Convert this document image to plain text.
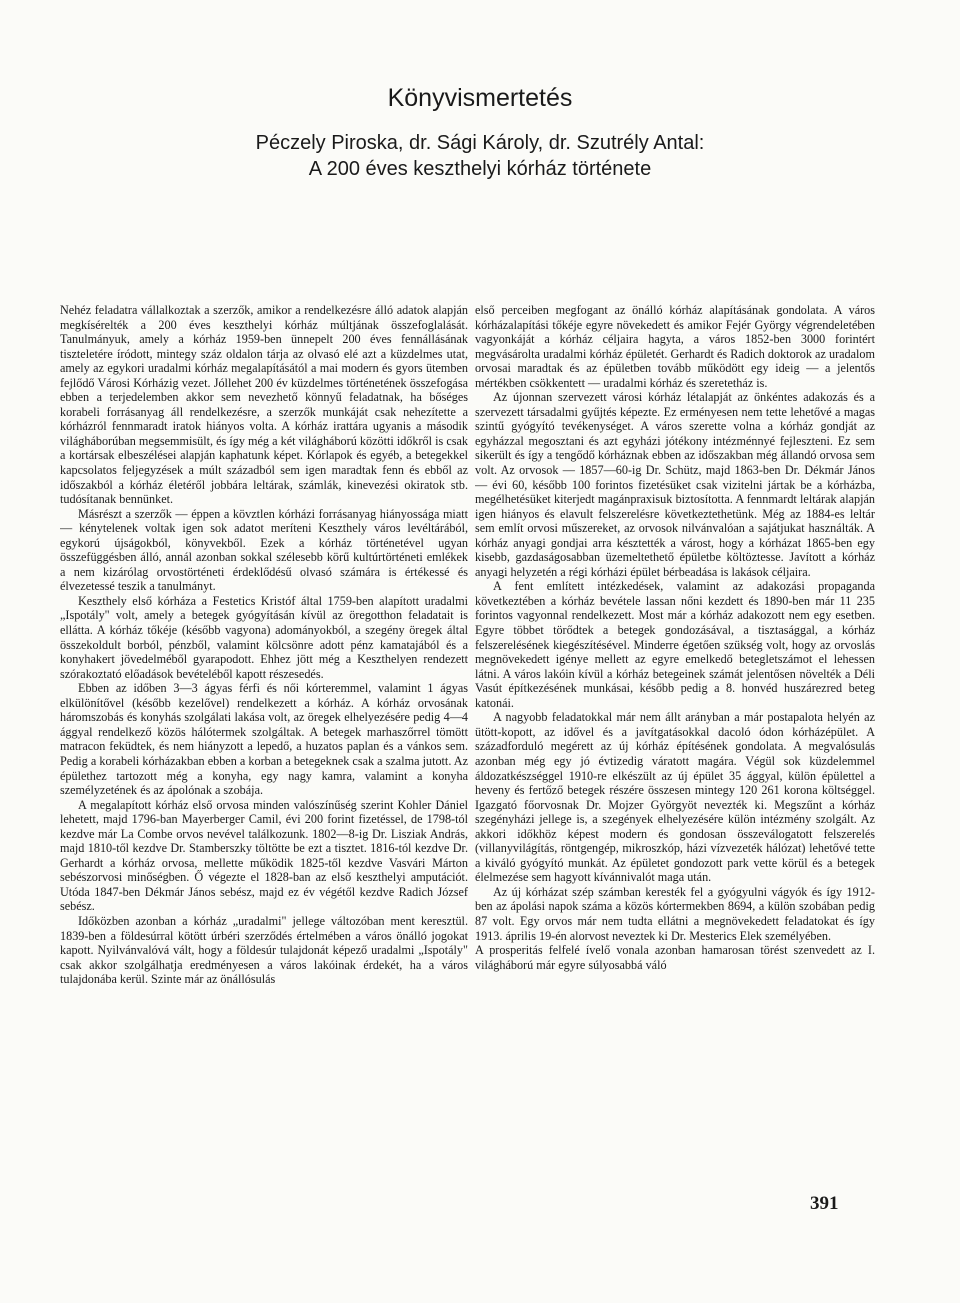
Könyvismertetés
Péczely Piroska, dr. Sági Károly, dr. Szutrély Antal:
A 200 éves keszthelyi kórház története

Nehéz feladatra vállalkoztak a szerzők, amikor a rendelkezésre álló adatok alapján megkísérelték a 200 éves keszthelyi kórház múltjának összefoglalását. Tanulmányuk, amely a kórház 1959-ben ünnepelt 200 éves fennállásának tiszteletére íródott, mintegy száz oldalon tárja az olvasó elé azt a küzdelmes utat, amely az egykori uradalmi kórház megalapításától a mai modern és gyors ütemben fejlődő Városi Kórházig vezet. Jóllehet 200 év küzdelmes történetének összefogása ebben a terjedelemben akkor sem nevezhető könnyű feladatnak, ha bőséges korabeli forrásanyag áll rendelkezésre, a szerzők munkáját csak nehezítette a kórházról fennmaradt iratok hiányos volta. A kórház irattára ugyanis a második világháborúban megsemmisült, és így még a két világháború közötti időkről is csak a kortársak elbeszélései alapján kaphatunk képet. Kórlapok és egyéb, a betegekkel kapcsolatos feljegyzések a múlt századból sem igen maradtak fenn és ebből az időszakból a kórház életéről jobbára leltárak, számlák, kinevezési okiratok stb. tudósítanak bennünket.

Másrészt a szerzők — éppen a kövztlen kórházi forrásanyag hiányossága miatt — kénytelenek voltak igen sok adatot meríteni Keszthely város levéltárából, egykorú újságokból, könyvekből. Ezek a kórház történetével ugyan összefüggésben álló, annál azonban sokkal szélesebb körű kultúrtörténeti emlékek a nem kizárólag orvostörténeti érdeklődésű olvasó számára is értékessé és élvezetessé teszik a tanulmányt.

Keszthely első kórháza a Festetics Kristóf által 1759-ben alapított uradalmi „Ispotály" volt, amely a betegek gyógyításán kívül az öregotthon feladatait is ellátta. A kórház tőkéje (később vagyona) adományokból, a szegény öregek által összekoldult borból, pénzből, valamint kölcsönre adott pénz kamatajából és a konyhakert jövedelméből gyarapodott. Ehhez jött még a Keszthelyen rendezett szórakoztató előadások bevételéből kapott részesedés.

Ebben az időben 3—3 ágyas férfi és női kórteremmel, valamint 1 ágyas elkülönítővel (később kezelővel) rendelkezett a kórház. A kórház orvosának háromszobás és konyhás szolgálati lakása volt, az öregek elhelyezésére pedig 4—4 ággyal rendelkező közös hálótermek szolgáltak. A betegek marhaszőrrel tömött matracon feküdtek, és nem hiányzott a lepedő, a huzatos paplan és a vánkos sem. Pedig a korabeli kórházakban ebben a korban a betegeknek csak a szalma jutott. Az épülethez tartozott még a konyha, egy nagy kamra, valamint a konyha személyzetének és az ápolónak a szobája.

A megalapított kórház első orvosa minden valószínűség szerint Kohler Dániel lehetett, majd 1796-ban Mayerberger Camil, évi 200 forint fizetéssel, de 1798-tól kezdve már La Combe orvos nevével találkozunk. 1802—8-ig Dr. Lisziak András, majd 1810-től kezdve Dr. Stamberszky töltötte be ezt a tisztet. 1816-tól kezdve Dr. Gerhardt a kórház orvosa, mellette működik 1825-től kezdve Vasvári Márton sebészorvosi minőségben. Ő végezte el 1828-ban az első keszthelyi amputációt. Utóda 1847-ben Dékmár János sebész, majd ez év végétől kezdve Radich József sebész.

Időközben azonban a kórház „uradalmi" jellege változóban ment keresztül. 1839-ben a földesúrral kötött úrbéri szerződés értelmében a város önálló jogokat kapott. Nyilvánvalóvá vált, hogy a földesúr tulajdonát képező uradalmi „Ispotály" csak akkor szolgálhatja eredményesen a város lakóinak érdekét, ha a város tulajdonába kerül. Szinte már az önállósulás

első perceiben megfogant az önálló kórház alapításának gondolata. A város kórházalapítási tőkéje egyre növekedett és amikor Fejér György végrendeletében vagyonkáját a kórház céljaira hagyta, a város 1852-ben 3000 forintért megvásárolta uradalmi kórház épületét. Gerhardt és Radich doktorok az uradalom orvosai maradtak és az épületben tovább működött egy ideig — a jelentős mértékben csökkentett — uradalmi kórház és szeretetház is.

Az újonnan szervezett városi kórház létalapját az önkéntes adakozás és a szervezett társadalmi gyűjtés képezte. Ez erményesen nem tette lehetővé a magas szintű gyógyító tevékenységet. A város szerette volna a kórház gondját az egyházzal megosztani és azt egyházi jótékony intézménnyé fejleszteni. Ez sem sikerült és így a tengődő kórháznak ebben az időszakban még állandó orvosa sem volt. Az orvosok — 1857—60-ig Dr. Schütz, majd 1863-ben Dr. Dékmár János — évi 60, később 100 forintos fizetésüket csak vizitelni jártak be a kórházba, megélhetésüket kiterjedt magánpraxisuk biztosította. A fennmardt leltárak alapján igen hiányos és elavult felszerelésre következtethetünk. Még az 1884-es leltár sem említ orvosi műszereket, az orvosok nilvánvalóan a sajátjukat használták. A kórház anyagi gondjai arra késztették a várost, hogy a kórházat 1865-ben egy kisebb, gazdaságosabban üzemeltethető épületbe költöztesse. Javított a kórház anyagi helyzetén a régi kórházi épület bérbeadása is lakások céljaira.

A fent említett intézkedések, valamint az adakozási propaganda következtében a kórház bevétele lassan nőni kezdett és 1890-ben már 11 235 forintos vagyonnal rendelkezett. Most már a kórház adakozott nem egy esetben. Egyre többet törődtek a betegek gondozásával, a tisztasággal, a kórház felszerelésének kiegészítésével. Minderre égetően szükség volt, hogy az orvoslás megnövekedett igénye mellett az egyre emelkedő betegletszámot el lehessen látni. A város lakóin kívül a kórház betegeinek számát jelentősen növelték a Déli Vasút építkezésének munkásai, később pedig a 8. honvéd huszárezred beteg katonái.

A nagyobb feladatokkal már nem állt arányban a már postapalota helyén az ütött-kopott, az idővel és a javítgatásokkal dacoló ódon kórházépület. A századforduló megérett az új kórház építésének gondolata. A megvalósulás azonban még egy jó évtizedig váratott magára. Végül sok küzdelemmel áldozatkészséggel 1910-re elkészült az új épület 35 ággyal, külön épülettel a heveny és fertőző betegek részére összesen mintegy 120 261 korona költséggel. Igazgató főorvosnak Dr. Mojzer Györgyöt nevezték ki. Megszűnt a kórház szegényházi jellege is, a szegények elhelyezésére külön intézmény szolgált. Az akkori időkhöz képest modern és gondosan összeválogatott felszerelés (villanyvilágítás, röntgengép, mikroszkóp, házi vízvezeték hálózat) lehetővé tette a kiváló gyógyító munkát. Az épületet gondozott park vette körül és a betegek élelmezése sem hagyott kívánnivalót maga után.

Az új kórházat szép számban keresték fel a gyógyulni vágyók és így 1912-ben az ápolási napok száma a közös kórtermekben 8694, a külön szobában pedig 87 volt. Egy orvos már nem tudta ellátni a megnövekedett feladatokat és így 1913. április 19-én alorvost neveztek ki Dr. Mesterics Elek személyében.

A prosperitás felfelé ívelő vonala azonban hamarosan törést szenvedett az I. világháború már egyre súlyosabbá váló

391
